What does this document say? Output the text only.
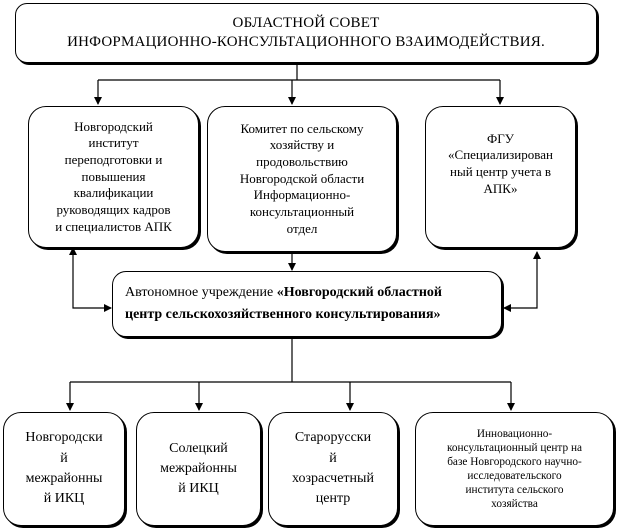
ОБЛАСТНОЙ СОВЕТ
ИНФОРМАЦИОННО-КОНСУЛЬТАЦИОННОГО ВЗАИМОДЕЙСТВИЯ.
Новгородский
институт
переподготовки и
повышения
квалификации
руководящих кадров
и специалистов АПК
Комитет по сельскому
хозяйству и
продовольствию
Новгородской области
Информационно-
консультационный
отдел
ФГУ
«Специализирован
ный центр учета в
АПК»
Автономное учреждение «Новгородский областной
центр сельскохозяйственного консультирования»
Новгородски
й
межрайонны
й ИКЦ
Солецкий
межрайонны
й ИКЦ
Старорусски
й
хозрасчетный
центр
Инновационно-
консультационный центр на
базе Новгородского научно-
исследовательского
института сельского
хозяйства
